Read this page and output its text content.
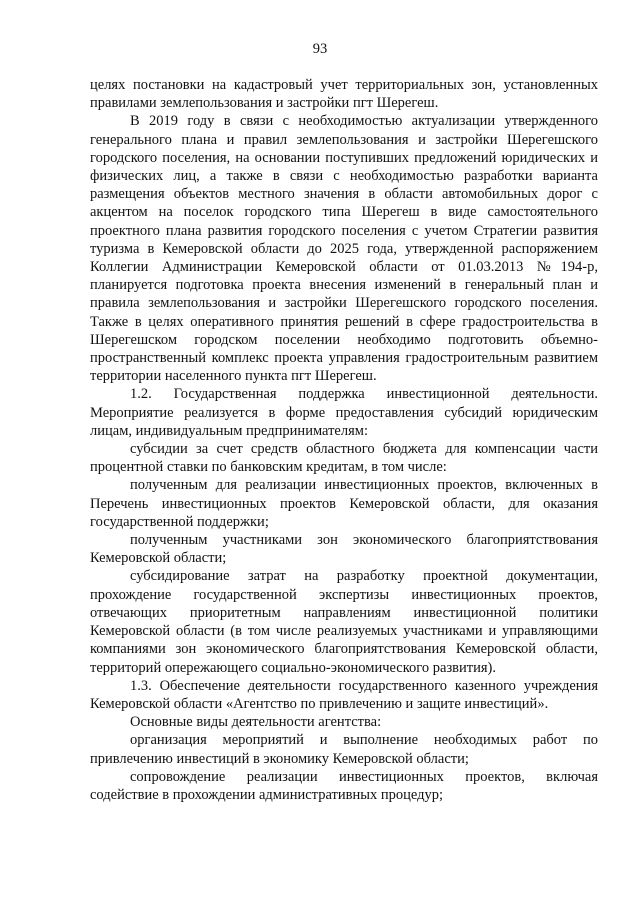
93

целях постановки на кадастровый учет территориальных зон, установленных правилами землепользования и застройки пгт Шерегеш.

В 2019 году в связи с необходимостью актуализации утвержденного генерального плана и правил землепользования и застройки Шерегешского городского поселения, на основании поступивших предложений юридических и физических лиц, а также в связи с необходимостью разработки варианта размещения объектов местного значения в области автомобильных дорог с акцентом на поселок городского типа Шерегеш в виде самостоятельного проектного плана развития городского поселения с учетом Стратегии развития туризма в Кемеровской области до 2025 года, утвержденной распоряжением Коллегии Администрации Кемеровской области от 01.03.2013 №194-р, планируется подготовка проекта внесения изменений в генеральный план и правила землепользования и застройки Шерегешского городского поселения. Также в целях оперативного принятия решений в сфере градостроительства в Шерегешском городском поселении необходимо подготовить объемно-пространственный комплекс проекта управления градостроительным развитием территории населенного пункта пгт Шерегеш.

1.2. Государственная поддержка инвестиционной деятельности. Мероприятие реализуется в форме предоставления субсидий юридическим лицам, индивидуальным предпринимателям:

субсидии за счет средств областного бюджета для компенсации части процентной ставки по банковским кредитам, в том числе:

полученным для реализации инвестиционных проектов, включенных в Перечень инвестиционных проектов Кемеровской области, для оказания государственной поддержки;

полученным участниками зон экономического благоприятствования Кемеровской области;

субсидирование затрат на разработку проектной документации, прохождение государственной экспертизы инвестиционных проектов, отвечающих приоритетным направлениям инвестиционной политики Кемеровской области (в том числе реализуемых участниками и управляющими компаниями зон экономического благоприятствования Кемеровской области, территорий опережающего социально-экономического развития).

1.3. Обеспечение деятельности государственного казенного учреждения Кемеровской области «Агентство по привлечению и защите инвестиций».

Основные виды деятельности агентства:

организация мероприятий и выполнение необходимых работ по привлечению инвестиций в экономику Кемеровской области;

сопровождение реализации инвестиционных проектов, включая содействие в прохождении административных процедур;
